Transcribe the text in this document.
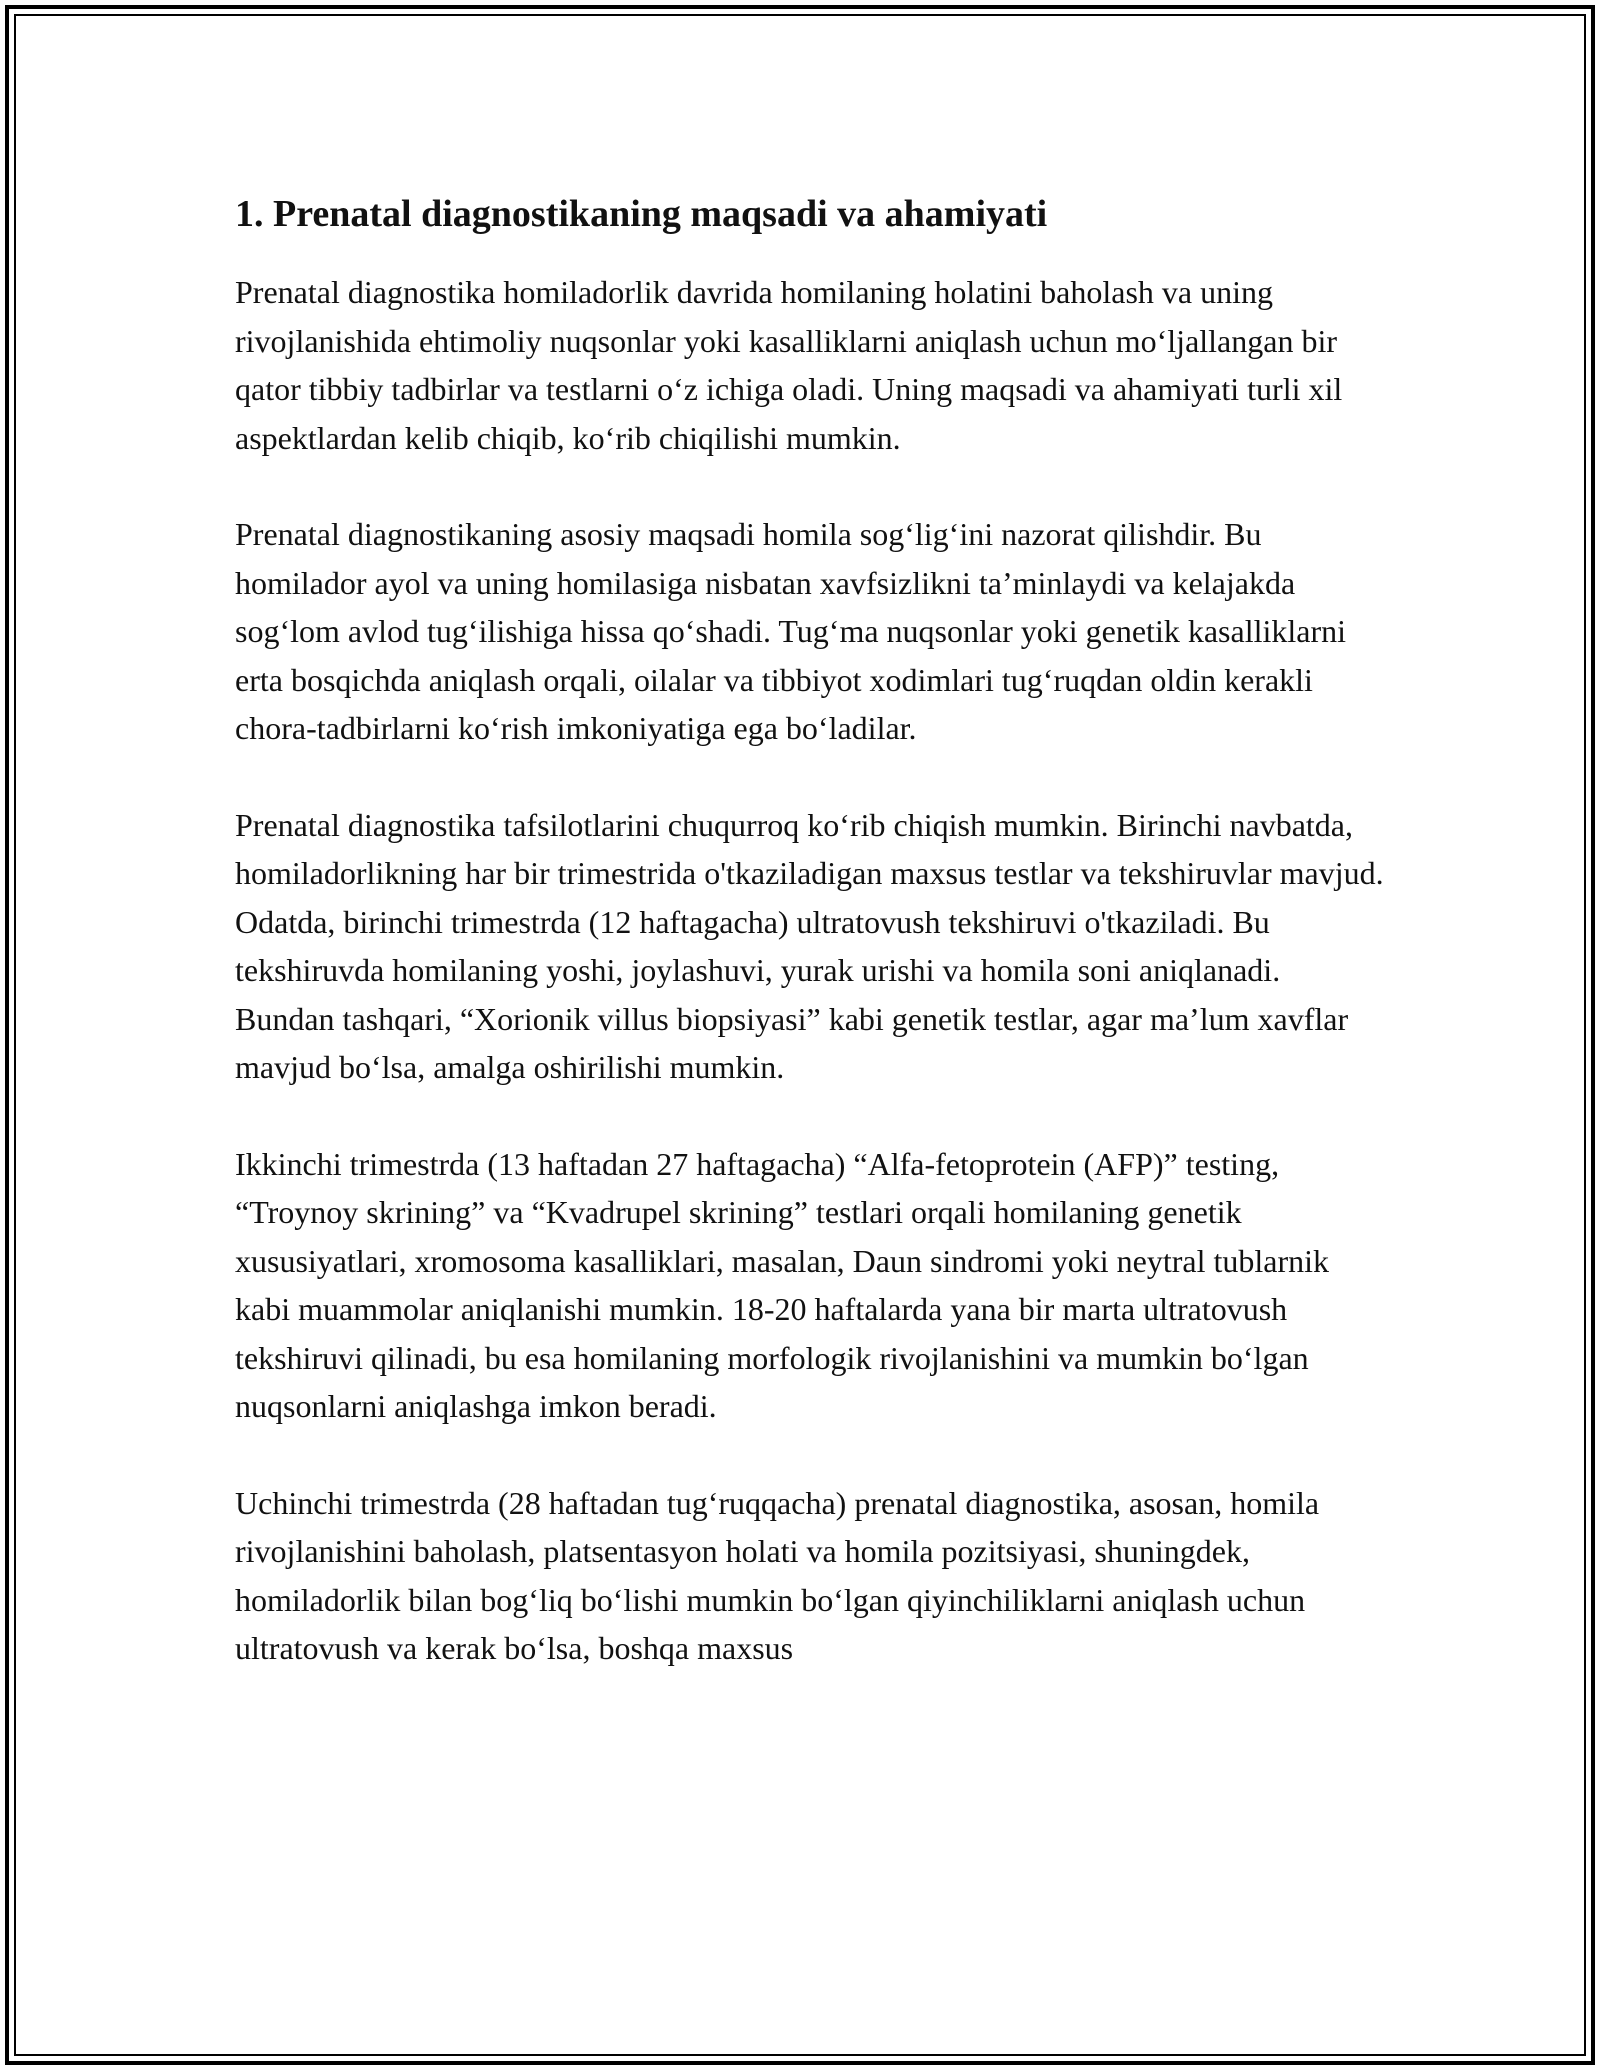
1. Prenatal diagnostikaning maqsadi va ahamiyati

Prenatal diagnostika homiladorlik davrida homilaning holatini baholash va uning rivojlanishida ehtimoliy nuqsonlar yoki kasalliklarni aniqlash uchun moʻljallangan bir qator tibbiy tadbirlar va testlarni oʻz ichiga oladi. Uning maqsadi va ahamiyati turli xil aspektlardan kelib chiqib, koʻrib chiqilishi mumkin.

Prenatal diagnostikaning asosiy maqsadi homila sogʻligʻini nazorat qilishdir. Bu homilador ayol va uning homilasiga nisbatan xavfsizlikni ta’minlaydi va kelajakda sogʻlom avlod tugʻilishiga hissa qoʻshadi. Tugʻma nuqsonlar yoki genetik kasalliklarni erta bosqichda aniqlash orqali, oilalar va tibbiyot xodimlari tugʻruqdan oldin kerakli chora-tadbirlarni koʻrish imkoniyatiga ega boʻladilar.

Prenatal diagnostika tafsilotlarini chuqurroq koʻrib chiqish mumkin. Birinchi navbatda, homiladorlikning har bir trimestrida o'tkaziladigan maxsus testlar va tekshiruvlar mavjud. Odatda, birinchi trimestrda (12 haftagacha) ultratovush tekshiruvi o'tkaziladi. Bu tekshiruvda homilaning yoshi, joylashuvi, yurak urishi va homila soni aniqlanadi. Bundan tashqari, “Xorionik villus biopsiyasi” kabi genetik testlar, agar ma’lum xavflar mavjud boʻlsa, amalga oshirilishi mumkin.

Ikkinchi trimestrda (13 haftadan 27 haftagacha) “Alfa-fetoprotein (AFP)” testing, “Troynoy skrining” va “Kvadrupel skrining” testlari orqali homilaning genetik xususiyatlari, xromosoma kasalliklari, masalan, Daun sindromi yoki neytral tublarnik kabi muammolar aniqlanishi mumkin. 18-20 haftalarda yana bir marta ultratovush tekshiruvi qilinadi, bu esa homilaning morfologik rivojlanishini va mumkin boʻlgan nuqsonlarni aniqlashga imkon beradi.

Uchinchi trimestrda (28 haftadan tugʻruqqacha) prenatal diagnostika, asosan, homila rivojlanishini baholash, platsentasyon holati va homila pozitsiyasi, shuningdek, homiladorlik bilan bogʻliq boʻlishi mumkin boʻlgan qiyinchiliklarni aniqlash uchun ultratovush va kerak boʻlsa, boshqa maxsus
